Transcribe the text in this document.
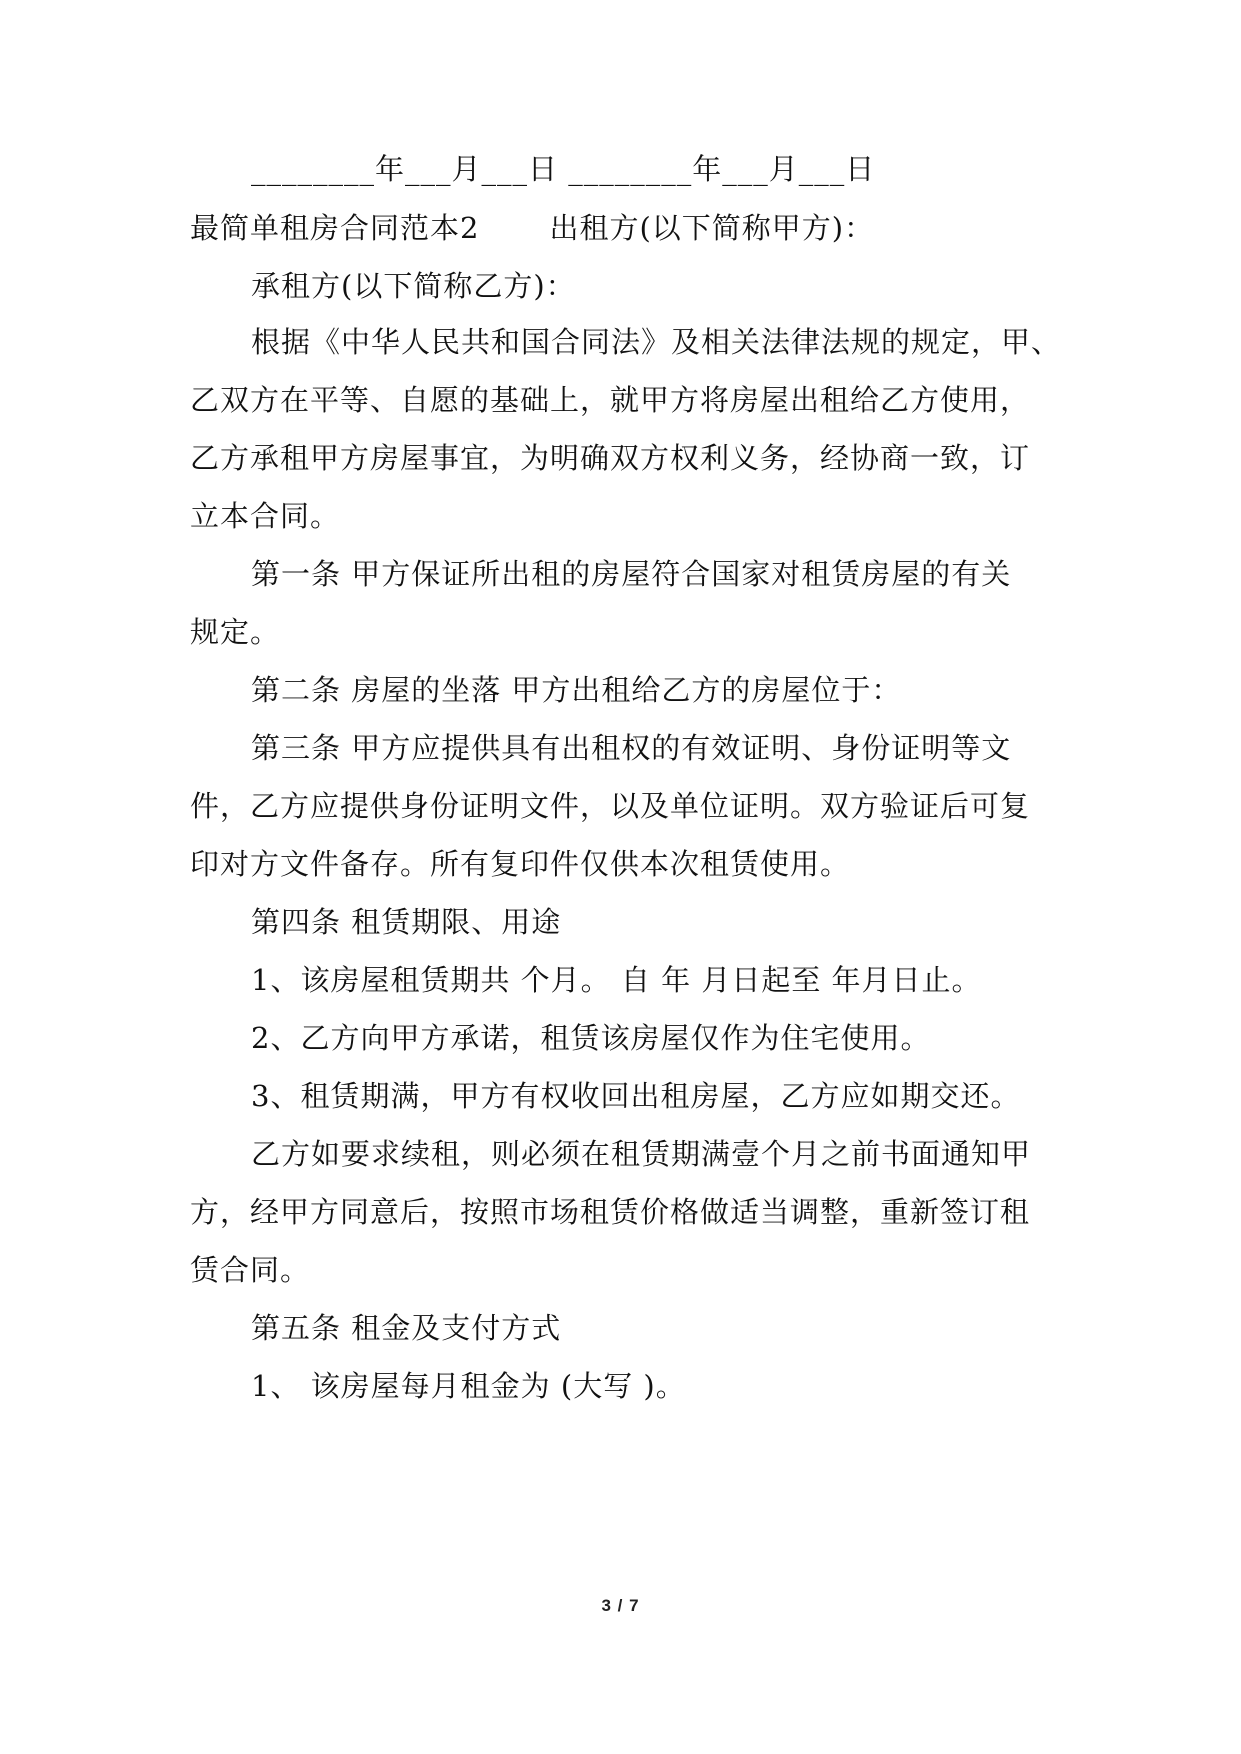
________年___月___日 ________年___月___日
最简单租房合同范本2 出租方(以下简称甲方)：
承租方(以下简称乙方)：
根据《中华人民共和国合同法》及相关法律法规的规定，甲、
乙双方在平等、自愿的基础上，就甲方将房屋出租给乙方使用，
乙方承租甲方房屋事宜，为明确双方权利义务，经协商一致，订
立本合同。
第一条 甲方保证所出租的房屋符合国家对租赁房屋的有关
规定。
第二条 房屋的坐落 甲方出租给乙方的房屋位于：
第三条 甲方应提供具有出租权的有效证明、身份证明等文
件，乙方应提供身份证明文件，以及单位证明。双方验证后可复
印对方文件备存。所有复印件仅供本次租赁使用。
第四条 租赁期限、用途
1、该房屋租赁期共 个月。 自 年 月日起至 年月日止。
2、乙方向甲方承诺，租赁该房屋仅作为住宅使用。
3、租赁期满，甲方有权收回出租房屋，乙方应如期交还。
乙方如要求续租，则必须在租赁期满壹个月之前书面通知甲
方，经甲方同意后，按照市场租赁价格做适当调整，重新签订租
赁合同。
第五条 租金及支付方式
1、 该房屋每月租金为 (大写 )。
3 / 7
